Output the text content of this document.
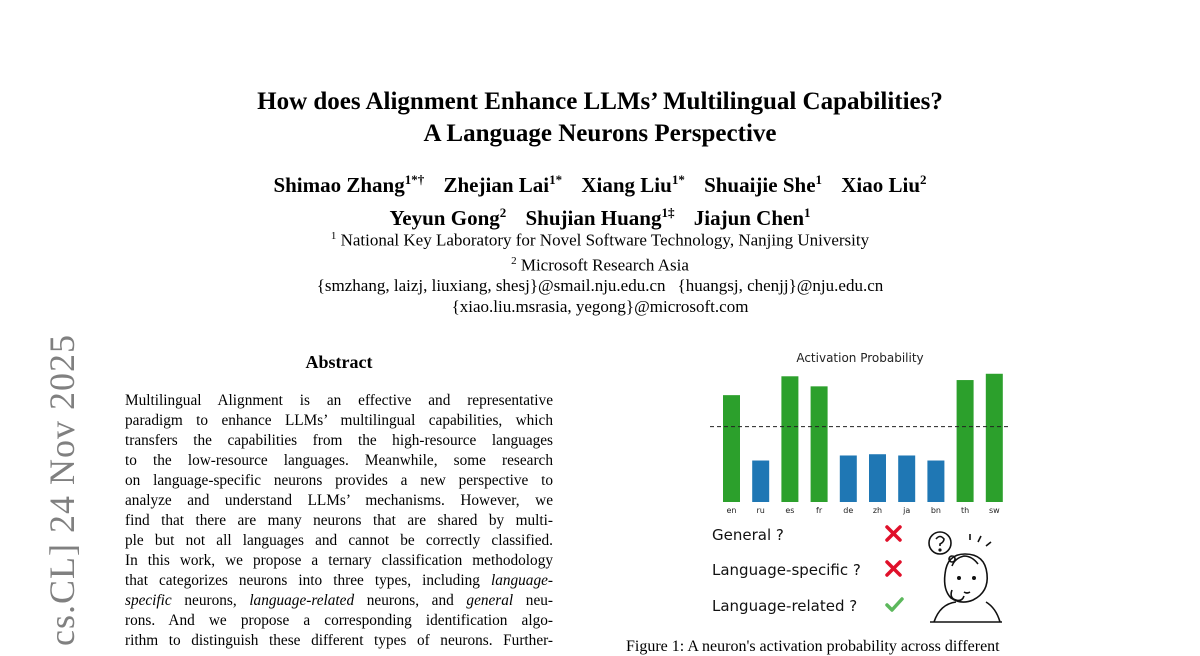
How does Alignment Enhance LLMs’ Multilingual Capabilities?
A Language Neurons Perspective
Shimao Zhang$^{1*\dagger}$ Zhejian Lai$^{1*}$ Xiang Liu$^{1*}$ Shuaijie She$^1$ Xiao Liu$^2$
Yeyun Gong$^2$ Shujian Huang$^{1\ddagger}$ Jiajun Chen$^1$
$^1$ National Key Laboratory for Novel Software Technology, Nanjing University
$^2$ Microsoft Research Asia
{smzhang, laizj, liuxiang, shesj}@smail.nju.edu.cn {huangsj, chenjj}@nju.edu.cn
{xiao.liu.msrasia, yegong}@microsoft.com
cs.CL] 24 Nov 2025	Abstract
Multilingual Alignment is an effective and representative
paradigm to enhance LLMs’ multilingual capabilities, which
transfers the capabilities from the high-resource languages
to the low-resource languages. Meanwhile, some research
on language-specific neurons provides a new perspective to
analyze and understand LLMs’ mechanisms. However, we
find that there are many neurons that are shared by multi-
ple but not all languages and cannot be correctly classified.
In this work, we propose a ternary classification methodology
that categorizes neurons into three types, including language-
specific neurons, language-related neurons, and general neu-
rons. And we propose a corresponding identification algo-
rithm to distinguish these different types of neurons. Further-
Activation Probability
en	ru	es	fr	de zh	ja	bn	th sw
General ?
Language-specific ?
Language-related ?
Figure 1: A neuron's activation probability across different
